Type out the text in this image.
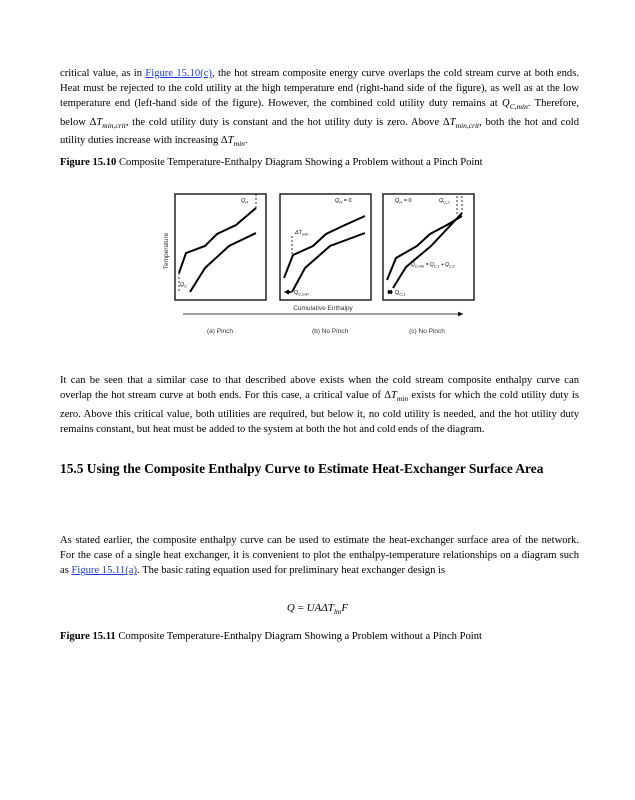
critical value, as in Figure 15.10(c), the hot stream composite energy curve overlaps the cold stream curve at both ends. Heat must be rejected to the cold utility at the high temperature end (right-hand side of the figure), as well as at the low temperature end (left-hand side of the figure). However, the combined cold utility duty remains at $Q_{C,min}$. Therefore, below $\Delta T_{min,crit}$, the cold utility duty is constant and the hot utility duty is zero. Above $\Delta T_{min,crit}$, both the hot and cold utility duties increase with increasing $\Delta T_{min}$.

Figure 15.10 Composite Temperature-Enthalpy Diagram Showing a Problem without a Pinch Point

Temperature
$Q_H$
$Q_C$
(a) Pinch
$\Delta T_{min}$
$Q_H = 0$
$Q_{C,min}$
(b) No Pinch
$Q_H = 0$	$Q_{C,2}$
$Q_{C,min} = Q_{C,1} + Q_{C,2}$
$Q_{C,1}$
(c) No Pinch
Cumulative Enthalpy

It can be seen that a similar case to that described above exists when the cold stream composite enthalpy curve can overlap the hot stream curve at both ends. For this case, a critical value of $\Delta T_{min}$ exists for which the cold utility duty is zero. Above this critical value, both utilities are required, but below it, no cold utility is needed, and the hot utility duty remains constant, but heat must be added to the system at both the hot and cold ends of the diagram.

15.5 Using the Composite Enthalpy Curve to Estimate Heat-Exchanger Surface Area

As stated earlier, the composite enthalpy curve can be used to estimate the heat-exchanger surface area of the network. For the case of a single heat exchanger, it is convenient to plot the enthalpy-temperature relationships on a diagram such as Figure 15.11(a). The basic rating equation used for preliminary heat exchanger design is

$Q = UA\Delta T_{lm}F$

Figure 15.11 Composite Temperature-Enthalpy Diagram Showing a Problem without a Pinch Point
